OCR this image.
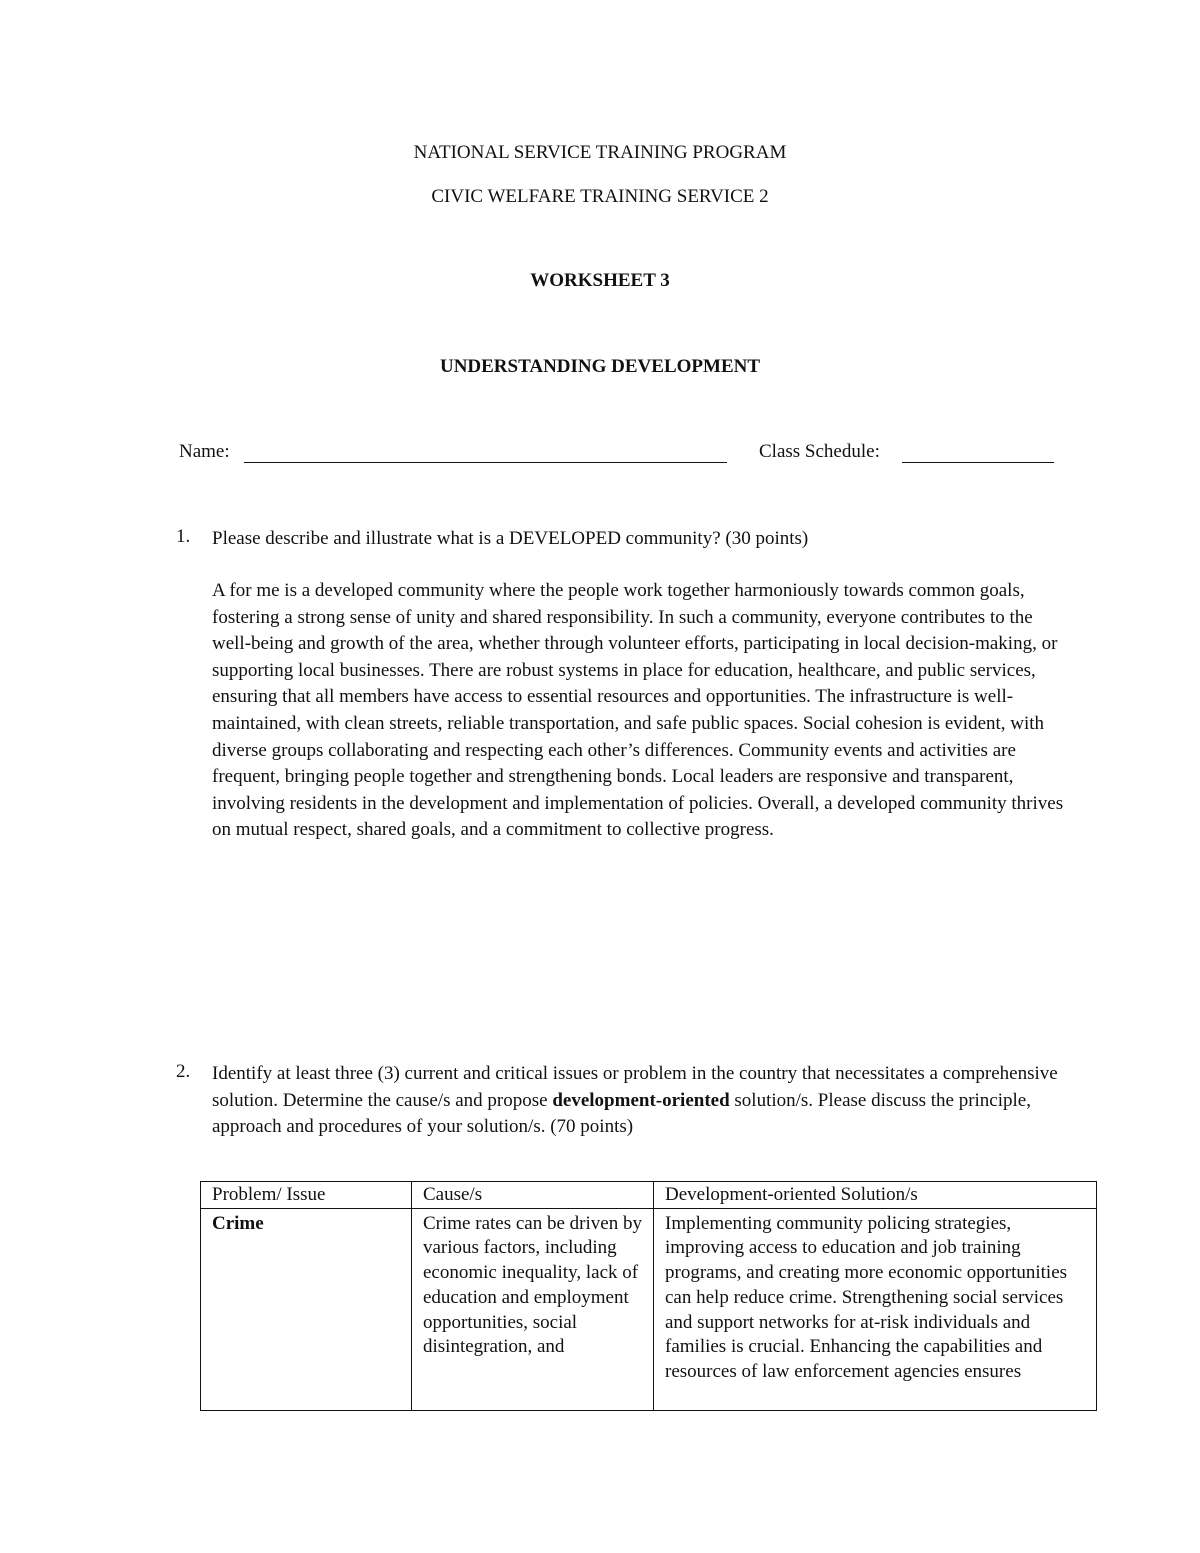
NATIONAL SERVICE TRAINING PROGRAM
CIVIC WELFARE TRAINING SERVICE 2
WORKSHEET 3
UNDERSTANDING DEVELOPMENT
Name:	Class Schedule:
1. Please describe and illustrate what is a DEVELOPED community? (30 points)
A for me is a developed community where the people work together harmoniously towards common goals, fostering a strong sense of unity and shared responsibility. In such a community, everyone contributes to the well-being and growth of the area, whether through volunteer efforts, participating in local decision-making, or supporting local businesses. There are robust systems in place for education, healthcare, and public services, ensuring that all members have access to essential resources and opportunities. The infrastructure is well-maintained, with clean streets, reliable transportation, and safe public spaces. Social cohesion is evident, with diverse groups collaborating and respecting each other’s differences. Community events and activities are frequent, bringing people together and strengthening bonds. Local leaders are responsive and transparent, involving residents in the development and implementation of policies. Overall, a developed community thrives on mutual respect, shared goals, and a commitment to collective progress.
2. Identify at least three (3) current and critical issues or problem in the country that necessitates a comprehensive solution. Determine the cause/s and propose development-oriented solution/s. Please discuss the principle, approach and procedures of your solution/s. (70 points)
Problem/ Issue	Cause/s	Development-oriented Solution/s

Crime	Crime rates can be driven by various factors, including economic inequality, lack of education and employment opportunities, social disintegration, and	Implementing community policing strategies, improving access to education and job training programs, and creating more economic opportunities can help reduce crime. Strengthening social services and support networks for at-risk individuals and families is crucial. Enhancing the capabilities and resources of law enforcement agencies ensures
